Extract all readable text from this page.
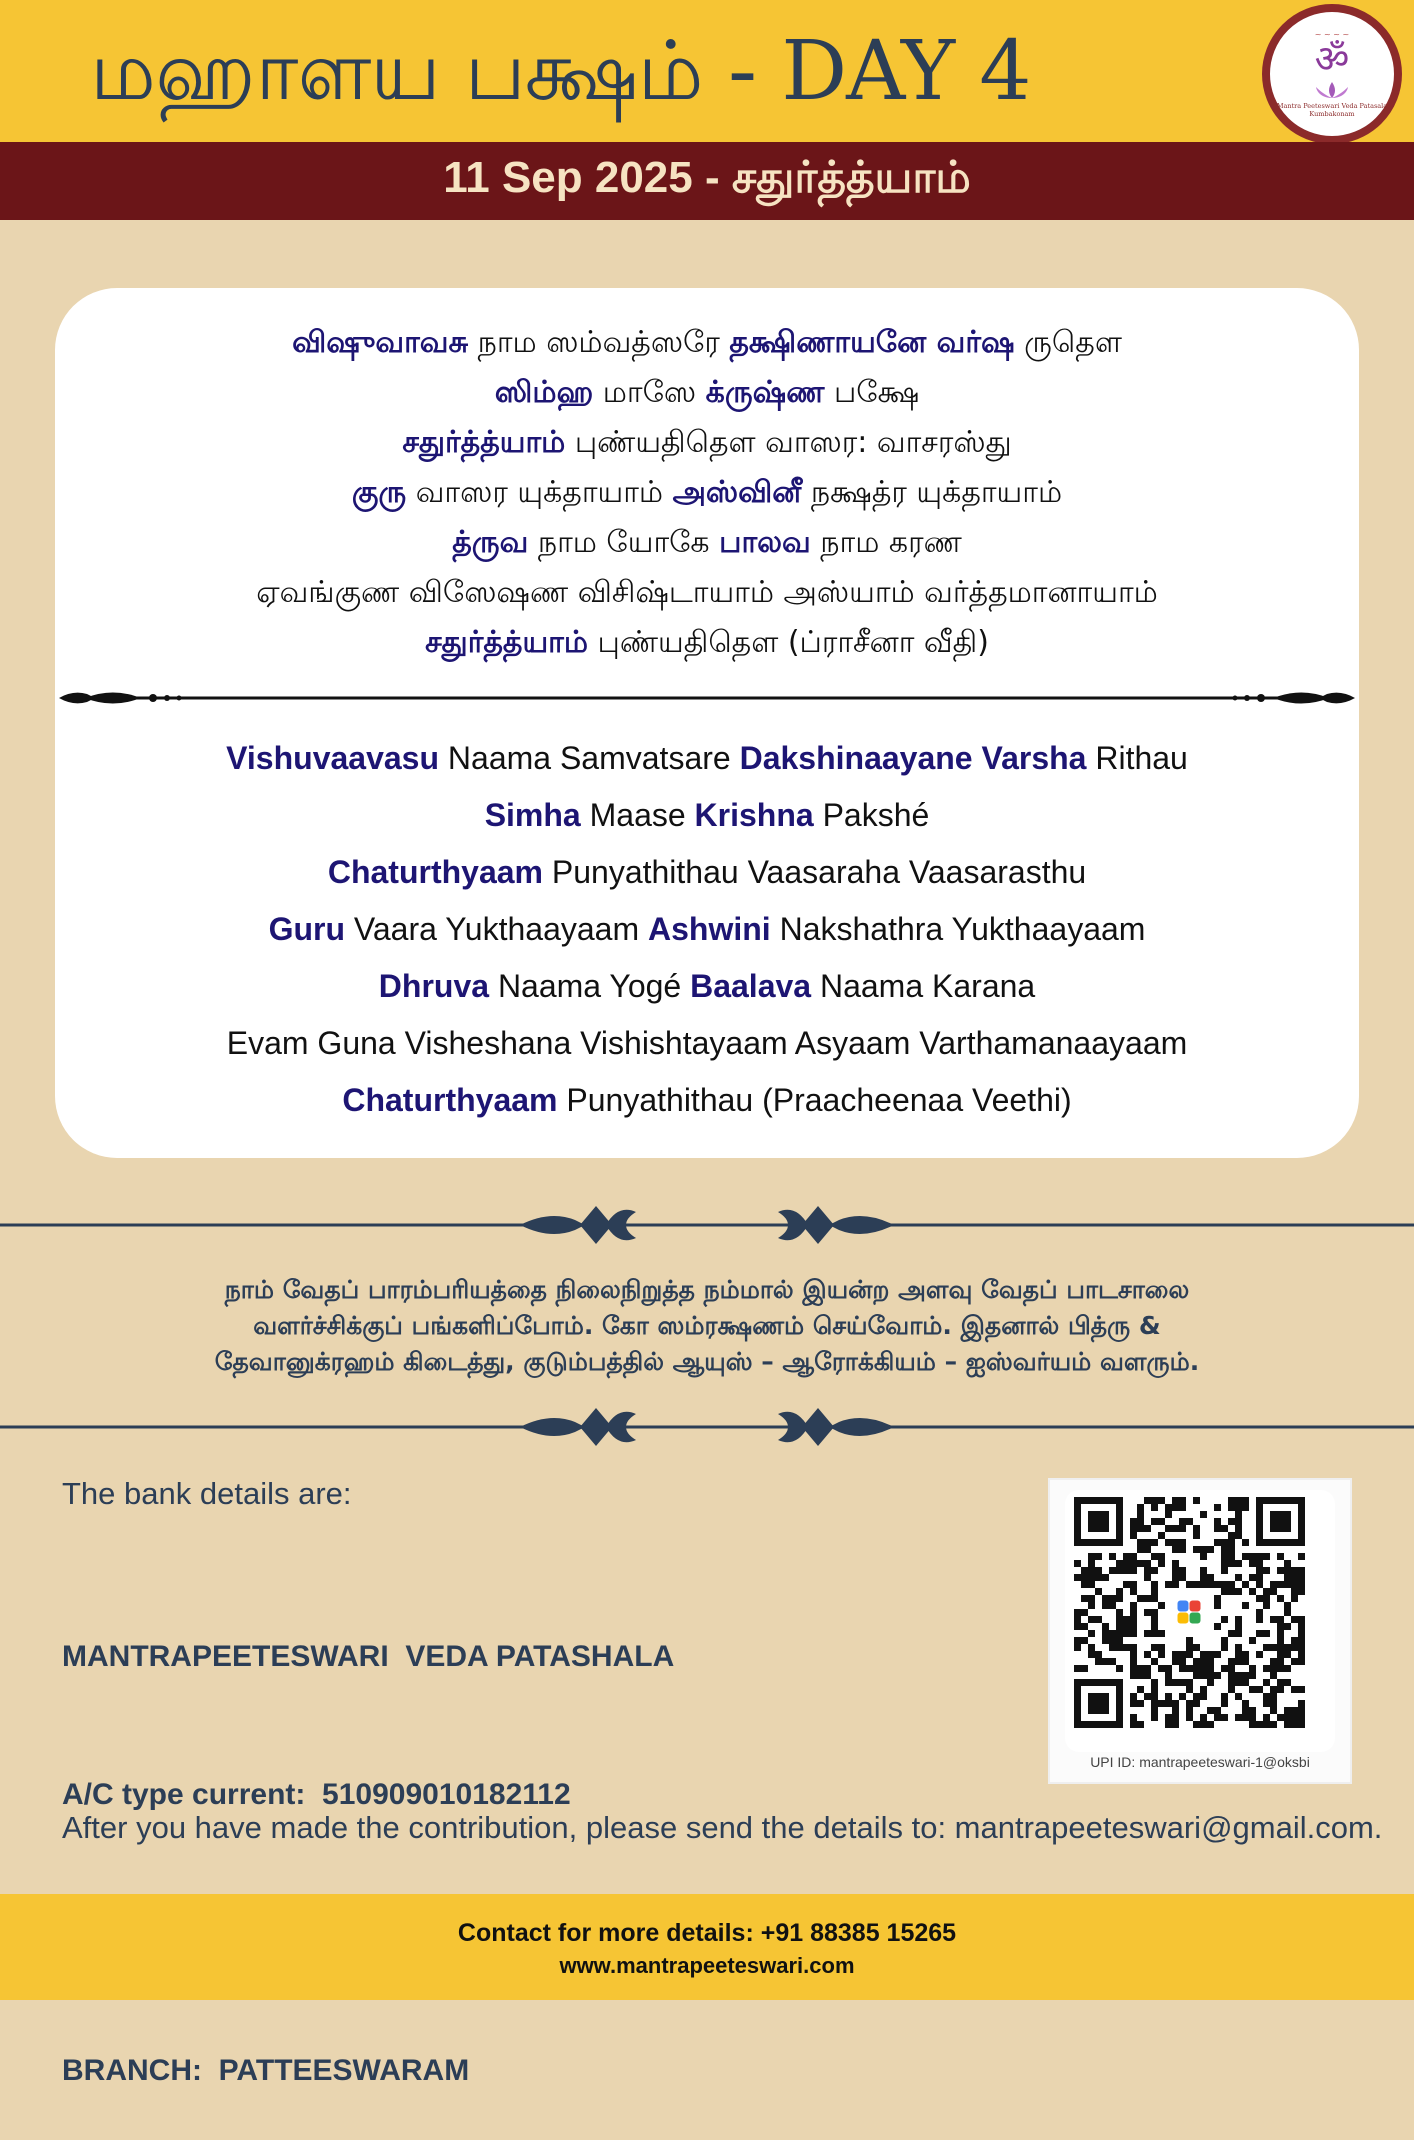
மஹாளய பக்ஷம் - DAY 4	~ ~ ~ ~
ॐ
Mantra Peeteswari Veda Patasala Kumbakonam
11 Sep 2025 - சதுர்த்த்யாம்
விஷுவாவசு நாம ஸம்வத்ஸரே தக்ஷிணாயனே வர்ஷ ருதௌ
ஸிம்ஹ மாஸே க்ருஷ்ண பக்ஷே
சதுர்த்த்யாம் புண்யதிதௌ வாஸர: வாசரஸ்து
குரு வாஸர யுக்தாயாம் அஸ்வினீ நக்ஷத்ர யுக்தாயாம்
த்ருவ நாம யோகே பாலவ நாம கரண
ஏவங்குண விஸேஷண விசிஷ்டாயாம் அஸ்யாம் வர்த்தமானாயாம்
சதுர்த்த்யாம் புண்யதிதௌ (ப்ராசீனா வீதி)
Vishuvaavasu Naama Samvatsare Dakshinaayane Varsha Rithau
Simha Maase Krishna Pakshé
Chaturthyaam Punyathithau Vaasaraha Vaasarasthu
Guru Vaara Yukthaayaam Ashwini Nakshathra Yukthaayaam
Dhruva Naama Yogé Baalava Naama Karana
Evam Guna Visheshana Vishishtayaam Asyaam Varthamanaayaam
Chaturthyaam Punyathithau (Praacheenaa Veethi)
நாம் வேதப் பாரம்பரியத்தை நிலைநிறுத்த நம்மால் இயன்ற அளவு வேதப் பாடசாலை
வளர்ச்சிக்குப் பங்களிப்போம். கோ ஸம்ரக்ஷணம் செய்வோம். இதனால் பித்ரு &
தேவானுக்ரஹம் கிடைத்து, குடும்பத்தில் ஆயுஸ் – ஆரோக்கியம் – ஐஸ்வர்யம் வளரும்.
The bank details are:

MANTRAPEETESWARI  VEDA PATASHALA

A/C type current:  510909010182112

BRANCH:  PATTEESWARAM

UPI ID: mantrapeeteswari-1@oksbi
After you have made the contribution, please send the details to: mantrapeeteswari@gmail.com.
Contact for more details: +91 88385 15265
www.mantrapeeteswari.com
